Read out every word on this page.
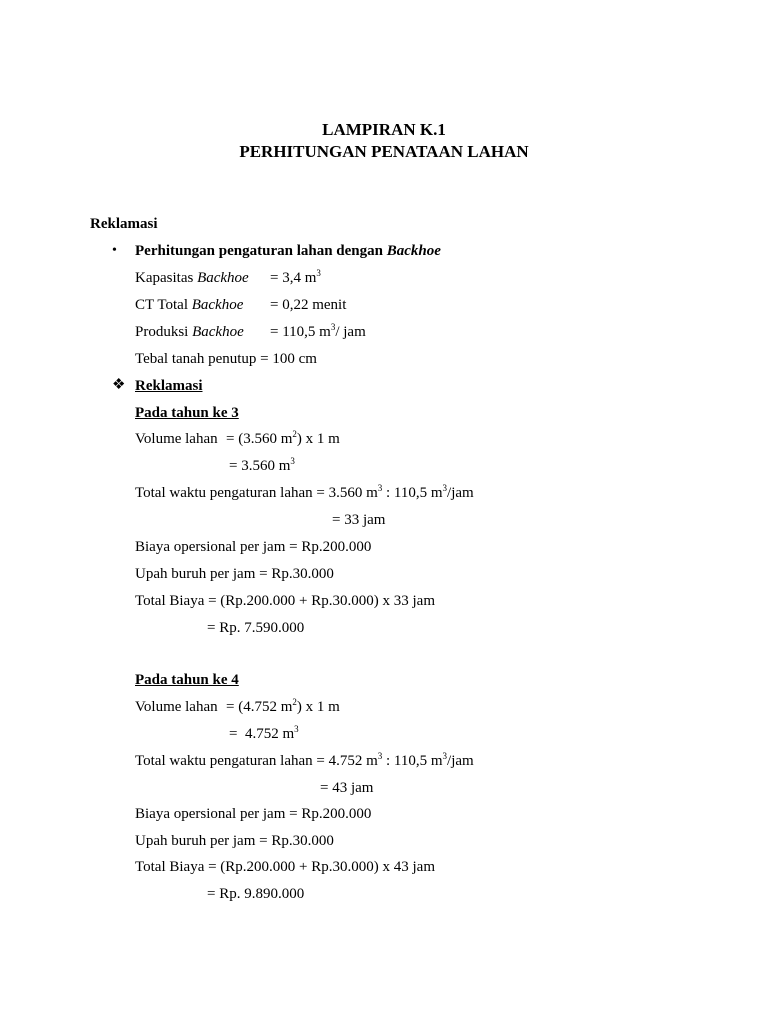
LAMPIRAN K.1
PERHITUNGAN PENATAAN LAHAN
Reklamasi
• Perhitungan pengaturan lahan dengan Backhoe
Kapasitas Backhoe = 3,4 $m^3$
CT Total Backhoe = 0,22 menit
Produksi Backhoe = 110,5 $m^3/$ jam
Tebal tanah penutup = 100 cm
❖ Reklamasi
Pada tahun ke 3
Volume lahan = (3.560 $m^2$) x 1 m
= 3.560 $m^3$
Total waktu pengaturan lahan = 3.560 $m^3$ : 110,5 $m^3$/jam
= 33 jam
Biaya opersional per jam = Rp.200.000
Upah buruh per jam = Rp.30.000
Total Biaya = (Rp.200.000 + Rp.30.000) x 33 jam
= Rp. 7.590.000
Pada tahun ke 4
Volume lahan = (4.752 $m^2$) x 1 m
=  4.752 $m^3$
Total waktu pengaturan lahan = 4.752 $m^3$ : 110,5 $m^3$/jam
= 43 jam
Biaya opersional per jam = Rp.200.000
Upah buruh per jam = Rp.30.000
Total Biaya = (Rp.200.000 + Rp.30.000) x 43 jam
= Rp. 9.890.000
